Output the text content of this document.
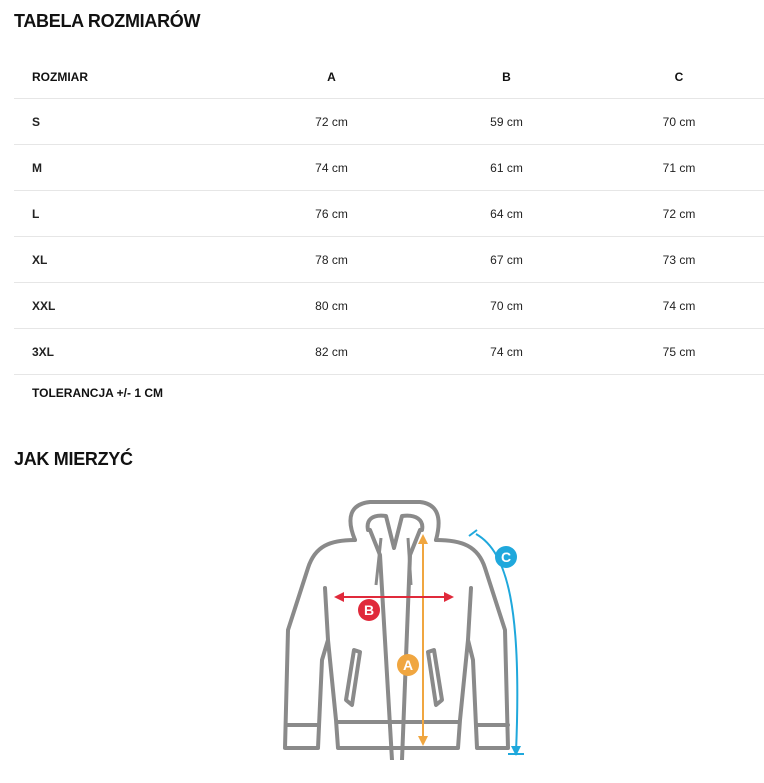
TABELA ROZMIARÓW
ROZMIAR	A	B	C
S	72 cm	59 cm	70 cm
M	74 cm	61 cm	71 cm
L	76 cm	64 cm	72 cm
XL	78 cm	67 cm	73 cm
XXL	80 cm	70 cm	74 cm
3XL	82 cm	74 cm	75 cm
TOLERANCJA +/- 1 CM
JAK MIERZYĆ
A
B
C
